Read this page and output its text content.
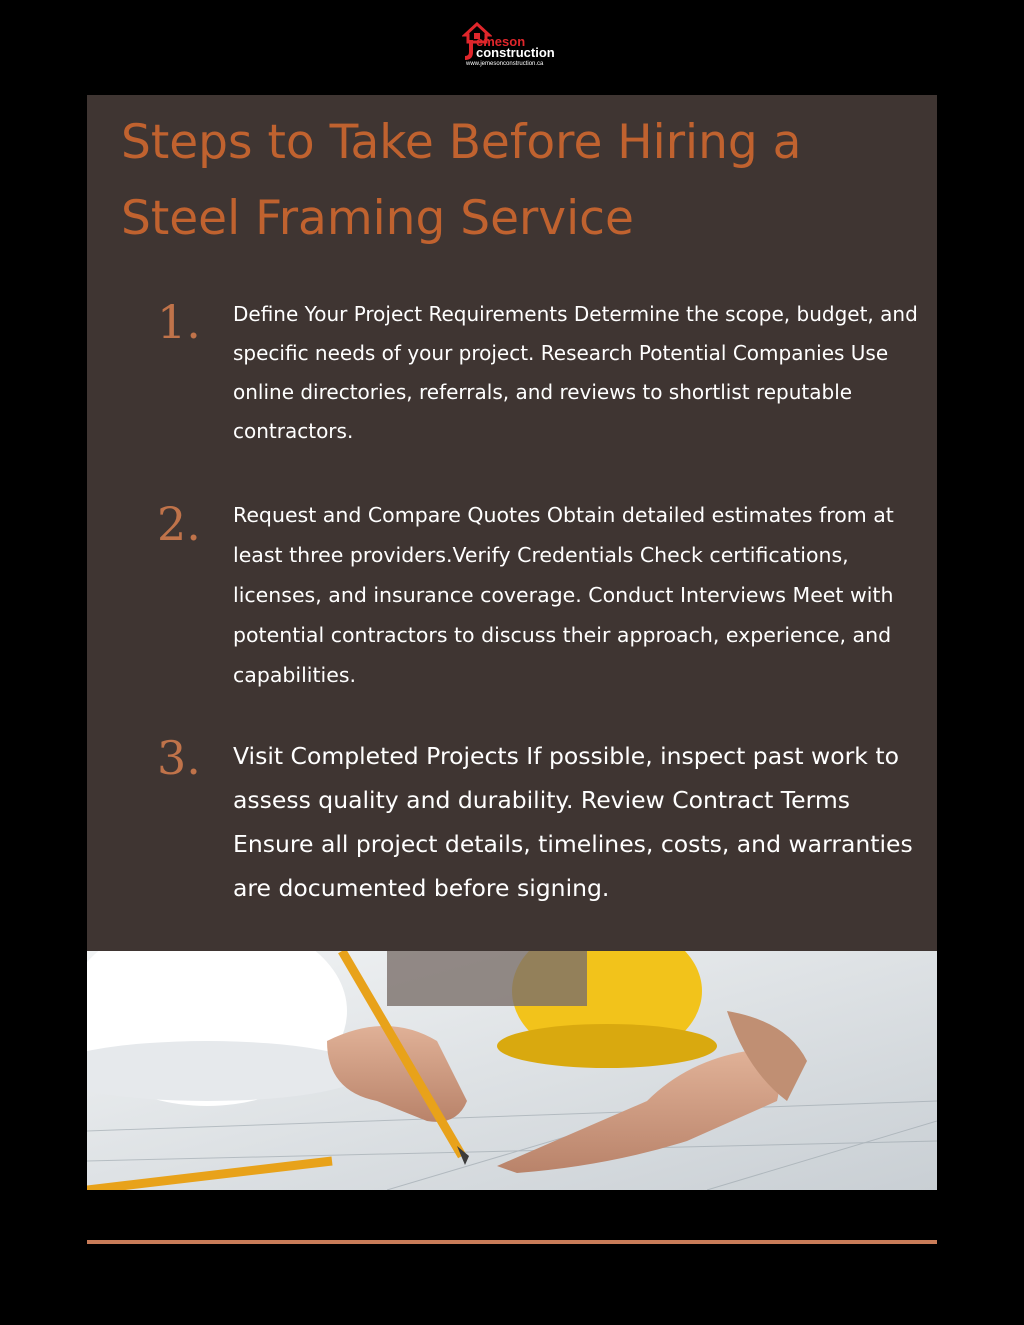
emeson
construction
www.jemesonconstruction.ca
Steps to Take Before Hiring a Steel Framing Service
1. Define Your Project Requirements Determine the scope, budget, and specific needs of your project. Research Potential Companies Use online directories, referrals, and reviews to shortlist reputable contractors.

2. Request and Compare Quotes Obtain detailed estimates from at least three providers.Verify Credentials Check certifications, licenses, and insurance coverage. Conduct Interviews Meet with potential contractors to discuss their approach, experience, and capabilities.

3. Visit Completed Projects If possible, inspect past work to assess quality and durability. Review Contract Terms Ensure all project details, timelines, costs, and warranties are documented before signing.
